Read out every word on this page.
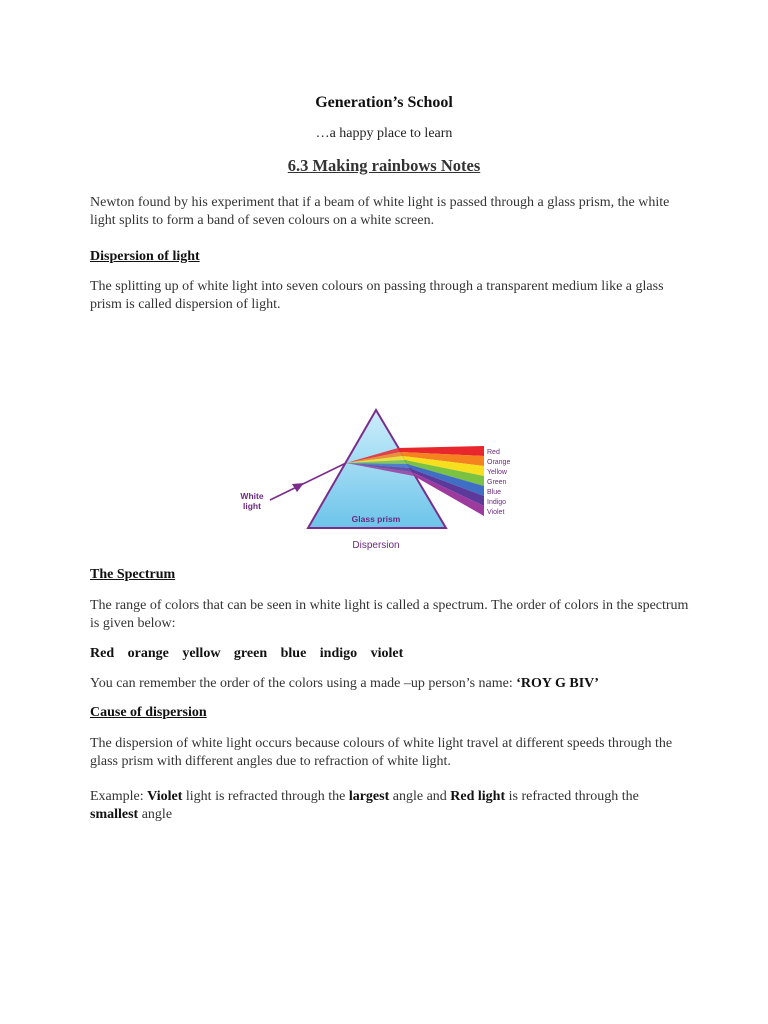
Generation’s School

…a happy place to learn

6.3 Making rainbows Notes

Newton found by his experiment that if a beam of white light is passed through a glass prism, the white light splits to form a band of seven colours on a white screen.

Dispersion of light

The splitting up of white light into seven colours on passing through a transparent medium like a glass prism is called dispersion of light.

White
light
Glass prism
Dispersion
Red
Orange
Yellow
Green
Blue
Indigo
Violet

The Spectrum

The range of colors that can be seen in white light is called a spectrum. The order of colors in the spectrum is given below:

Red orange yellow green blue indigo violet

You can remember the order of the colors using a made –up person’s name: ‘ROY G BIV’

Cause of dispersion

The dispersion of white light occurs because colours of white light travel at different speeds through the glass prism with different angles due to refraction of white light.

Example: Violet light is refracted through the largest angle and Red light is refracted through the smallest angle
